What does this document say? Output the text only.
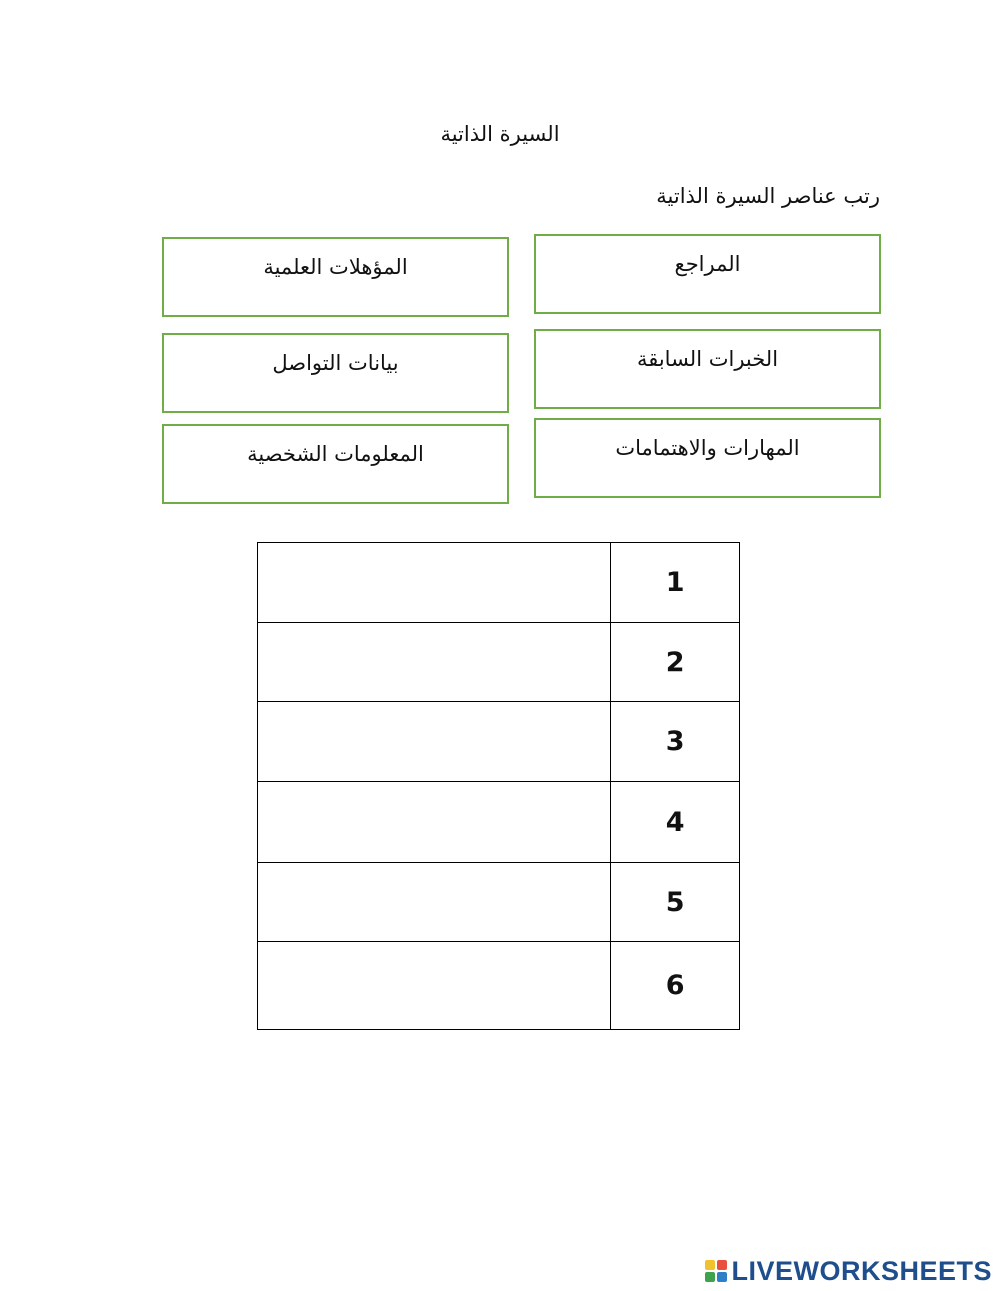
السيرة الذاتية
رتب عناصر السيرة الذاتية
المراجع
الخبرات السابقة
المهارات والاهتمامات
المؤهلات العلمية
بيانات التواصل
المعلومات الشخصية
	1
	2
	3
	4
	5
	6
LIVEWORKSHEETS
